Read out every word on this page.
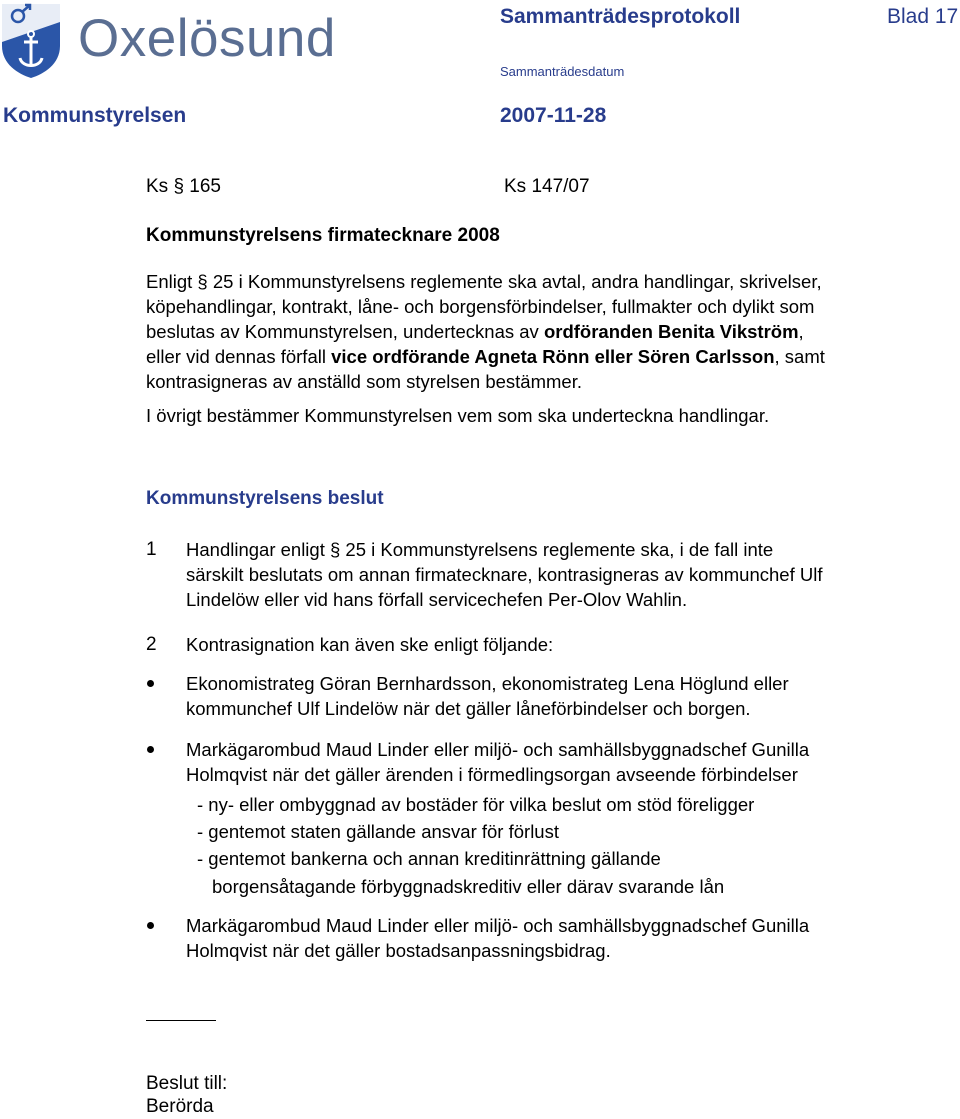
Oxelösund	Sammanträdesprotokoll	Blad 17
Sammanträdesdatum
Kommunstyrelsen	2007-11-28
Ks § 165	Ks 147/07
Kommunstyrelsens firmatecknare 2008

Enligt § 25 i Kommunstyrelsens reglemente ska avtal, andra handlingar, skrivelser,

köpehandlingar, kontrakt, låne- och borgensförbindelser, fullmakter och dylikt som

beslutas av Kommunstyrelsen, undertecknas av ordföranden Benita Vikström,

eller vid dennas förfall vice ordförande Agneta Rönn eller Sören Carlsson, samt

kontrasigneras av anställd som styrelsen bestämmer.

I övrigt bestämmer Kommunstyrelsen vem som ska underteckna handlingar.

Kommunstyrelsens beslut
1 Handlingar enligt § 25 i Kommunstyrelsens reglemente ska, i de fall inte

särskilt beslutats om annan firmatecknare, kontrasigneras av kommunchef Ulf

Lindelöw eller vid hans förfall servicechefen Per-Olov Wahlin.

2 Kontrasignation kan även ske enligt följande:

Ekonomistrateg Göran Bernhardsson, ekonomistrateg Lena Höglund eller

kommunchef Ulf Lindelöw när det gäller låneförbindelser och borgen.

Markägarombud Maud Linder eller miljö- och samhällsbyggnadschef Gunilla

Holmqvist när det gäller ärenden i förmedlingsorgan avseende förbindelser

- ny- eller ombyggnad av bostäder för vilka beslut om stöd föreligger

- gentemot staten gällande ansvar för förlust

- gentemot bankerna och annan kreditinrättning gällande

borgensåtagande förbyggnadskreditiv eller därav svarande lån

Markägarombud Maud Linder eller miljö- och samhällsbyggnadschef Gunilla

Holmqvist när det gäller bostadsanpassningsbidrag.

Beslut till:
Berörda
